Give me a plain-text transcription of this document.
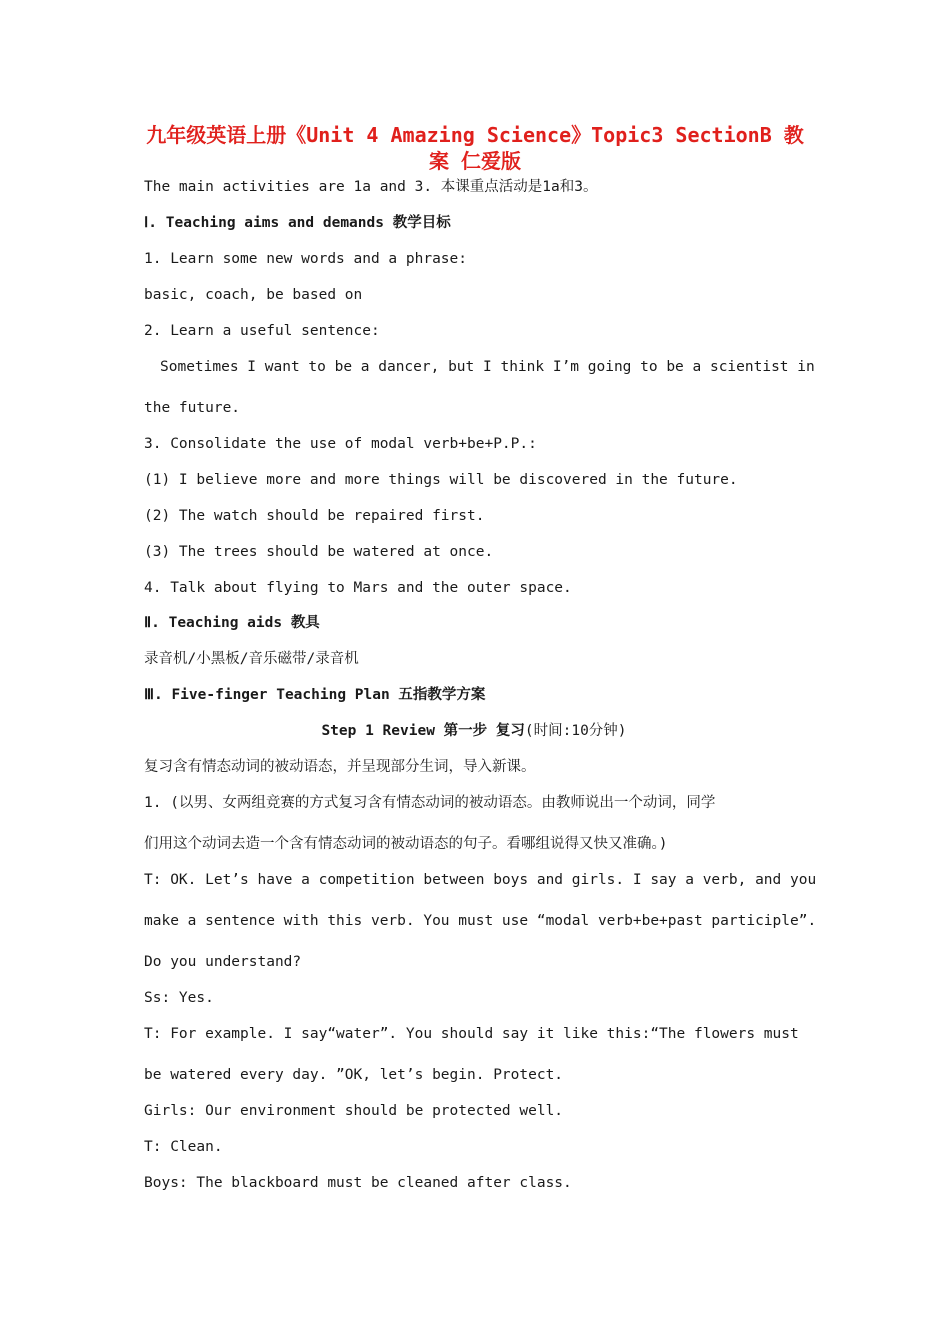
九年级英语上册《Unit 4 Amazing Science》Topic3 SectionB 教
案 仁爱版
The main activities are 1a and 3. 本课重点活动是1a和3。
Ⅰ. Teaching aims and demands 教学目标
1. Learn some new words and a phrase:
basic, coach, be based on
2. Learn a useful sentence:
Sometimes I want to be a dancer, but I think I’m going to be a scientist in
the future.
3. Consolidate the use of modal verb+be+P.P.:
(1) I believe more and more things will be discovered in the future.
(2) The watch should be repaired first.
(3) The trees should be watered at once.
4. Talk about flying to Mars and the outer space.
Ⅱ. Teaching aids 教具
录音机/小黑板/音乐磁带/录音机
Ⅲ. Five-finger Teaching Plan 五指教学方案
Step 1 Review 第一步 复习(时间:10分钟)
复习含有情态动词的被动语态，并呈现部分生词，导入新课。
1. (以男、女两组竞赛的方式复习含有情态动词的被动语态。由教师说出一个动词，同学
们用这个动词去造一个含有情态动词的被动语态的句子。看哪组说得又快又准确。)
T: OK. Let’s have a competition between boys and girls. I say a verb, and you
make a sentence with this verb. You must use “modal verb+be+past participle”.
Do you understand?
Ss: Yes.
T: For example. I say“water”. You should say it like this:“The flowers must
be watered every day. ”OK, let’s begin. Protect.
Girls: Our environment should be protected well.
T: Clean.
Boys: The blackboard must be cleaned after class.
